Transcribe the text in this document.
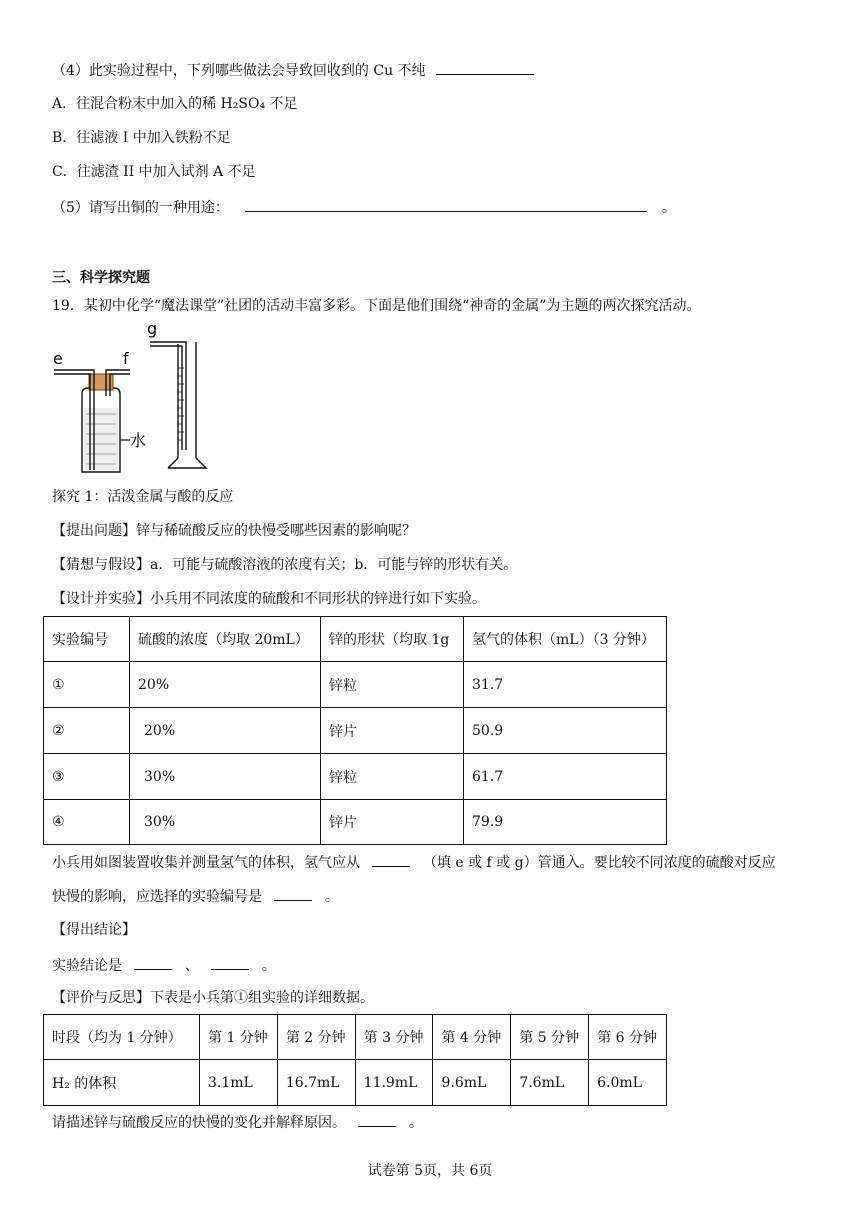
（4）此实验过程中，下列哪些做法会导致回收到的 Cu 不纯
A．往混合粉末中加入的稀 H₂SO₄ 不足
B．往滤液 I 中加入铁粉不足
C．往滤渣 II 中加入试剂 A 不足
（5）请写出铜的一种用途：	。
三、科学探究题
19．某初中化学“魔法课堂”社团的活动丰富多彩。下面是他们围绕“神奇的金属”为主题的两次探究活动。
e	f
g
水
探究 1：活泼金属与酸的反应
【提出问题】锌与稀硫酸反应的快慢受哪些因素的影响呢？
【猜想与假设】a．可能与硫酸溶液的浓度有关；b．可能与锌的形状有关。
【设计并实验】小兵用不同浓度的硫酸和不同形状的锌进行如下实验。
实验编号	硫酸的浓度（均取 20mL）	锌的形状（均取 1g	氢气的体积（mL）（3 分钟）
①	20%	锌粒	31.7
②	20%	锌片	50.9
③	30%	锌粒	61.7
④	30%	锌片	79.9
小兵用如图装置收集并测量氢气的体积，氢气应从	（填 e 或 f 或 g）管通入。要比较不同浓度的硫酸对反应
快慢的影响，应选择的实验编号是	。
【得出结论】
实验结论是	、	。
【评价与反思】下表是小兵第①组实验的详细数据。
时段（均为 1 分钟）	第 1 分钟	第 2 分钟	第 3 分钟	第 4 分钟	第 5 分钟	第 6 分钟
H₂ 的体积	3.1mL	16.7mL	11.9mL	9.6mL	7.6mL	6.0mL
请描述锌与硫酸反应的快慢的变化并解释原因。	。
试卷第 5页，共 6页
